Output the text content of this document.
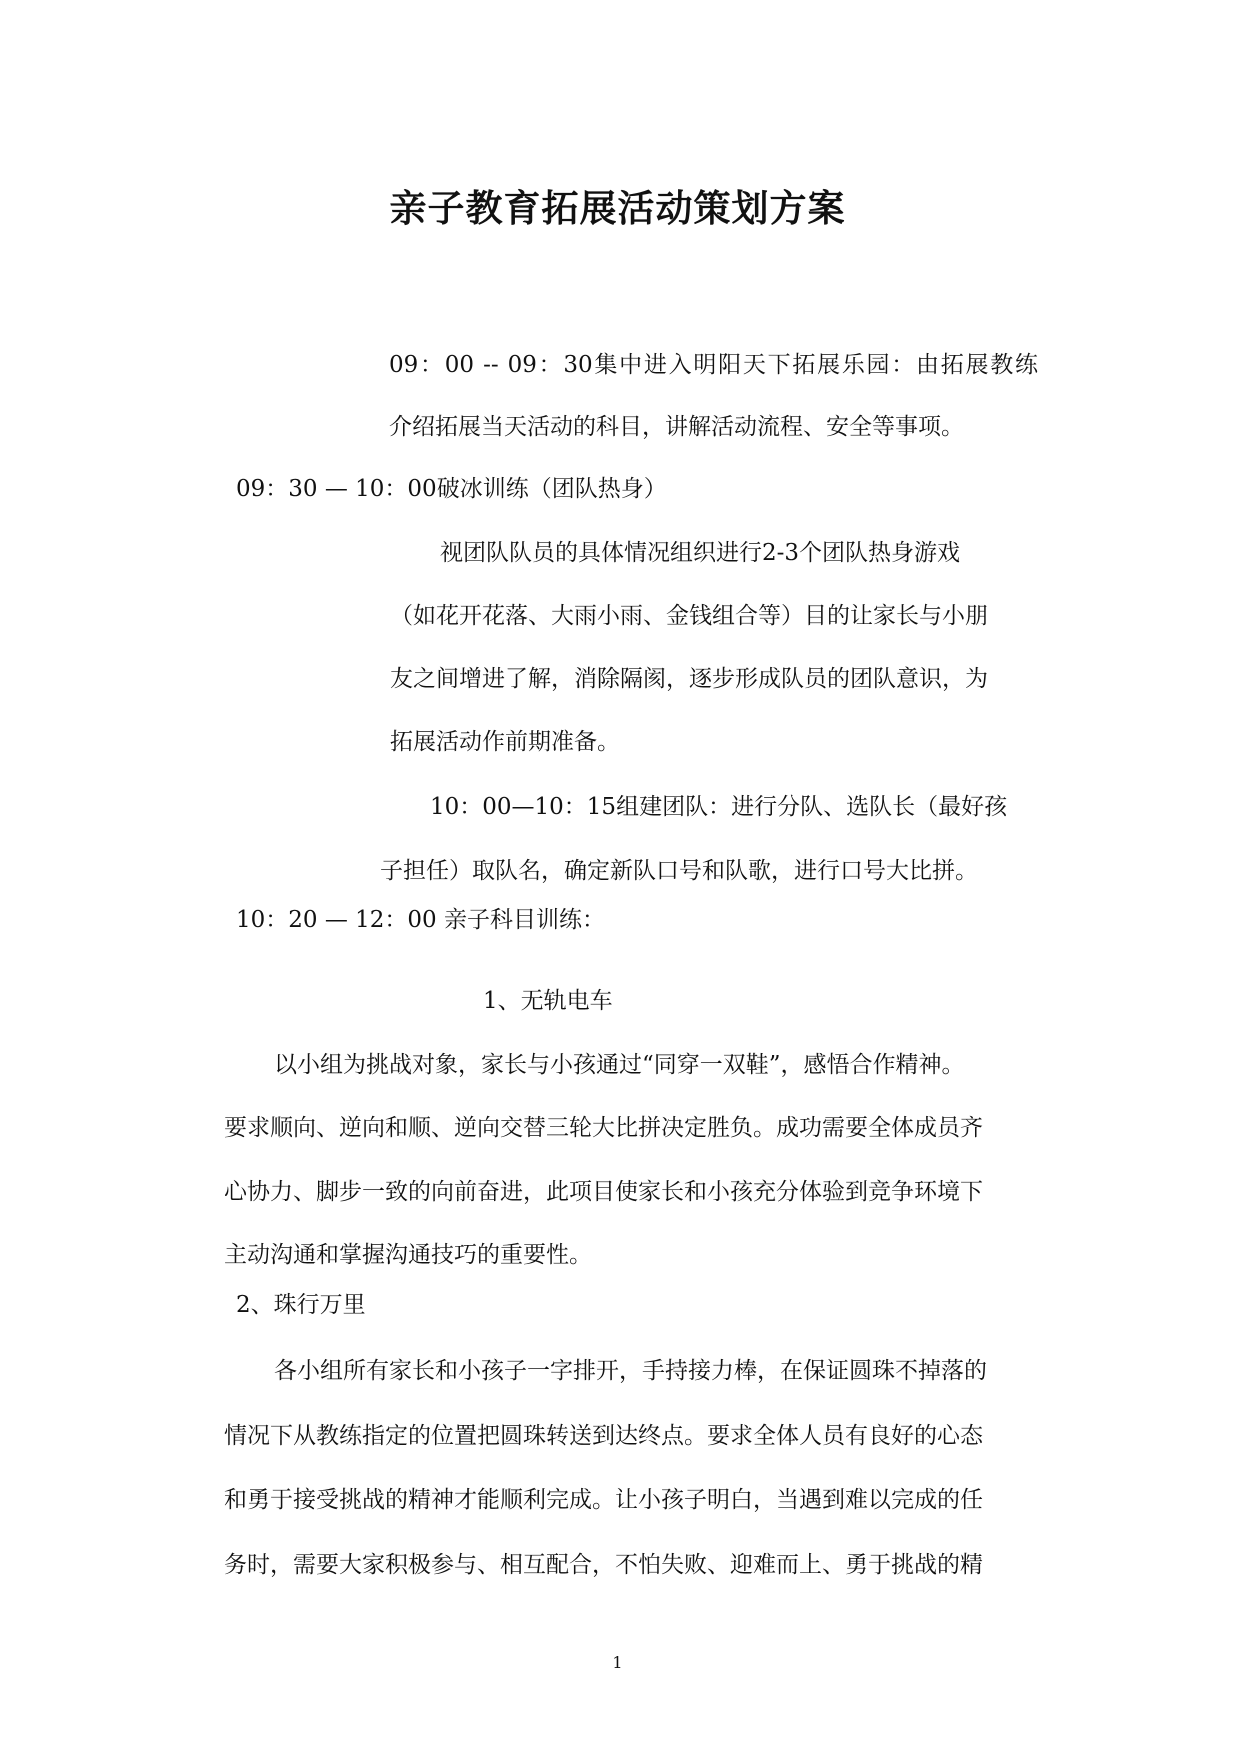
亲子教育拓展活动策划方案
09：00 -- 09：30集中进入明阳天下拓展乐园：由拓展教练
介绍拓展当天活动的科目，讲解活动流程、安全等事项。
09：30 — 10：00破冰训练（团队热身）
视团队队员的具体情况组织进行2-3个团队热身游戏
（如花开花落、大雨小雨、金钱组合等）目的让家长与小朋
友之间增进了解，消除隔阂，逐步形成队员的团队意识，为
拓展活动作前期准备。
10：00—10：15组建团队：进行分队、选队长（最好孩
子担任）取队名，确定新队口号和队歌，进行口号大比拼。
10：20 — 12：00 亲子科目训练：
1、无轨电车
以小组为挑战对象，家长与小孩通过“同穿一双鞋”，感悟合作精神。
要求顺向、逆向和顺、逆向交替三轮大比拼决定胜负。成功需要全体成员齐
心协力、脚步一致的向前奋进，此项目使家长和小孩充分体验到竞争环境下
主动沟通和掌握沟通技巧的重要性。
2、珠行万里
各小组所有家长和小孩子一字排开，手持接力棒，在保证圆珠不掉落的
情况下从教练指定的位置把圆珠转送到达终点。要求全体人员有良好的心态
和勇于接受挑战的精神才能顺利完成。让小孩子明白，当遇到难以完成的任
务时，需要大家积极参与、相互配合，不怕失败、迎难而上、勇于挑战的精
1
